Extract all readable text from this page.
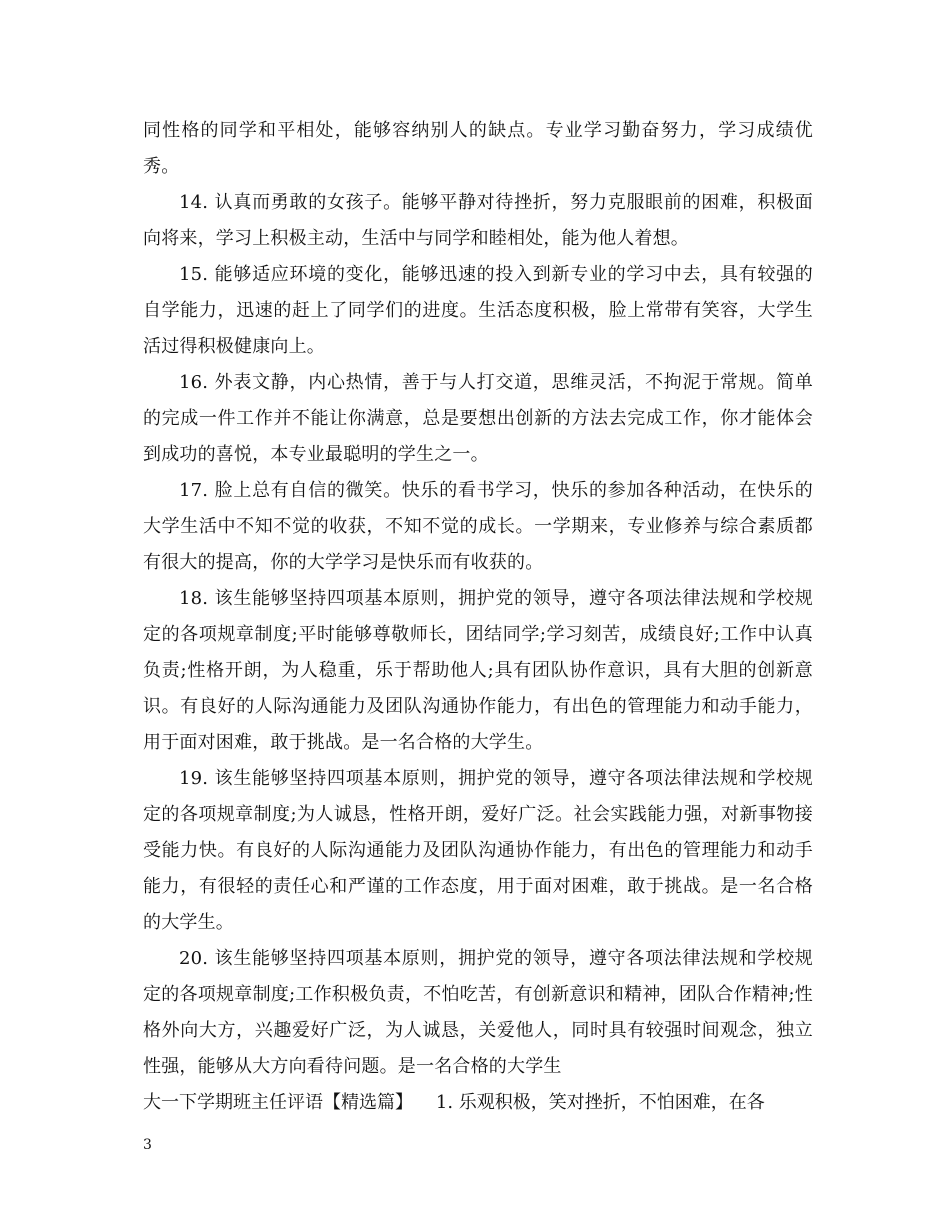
同性格的同学和平相处，能够容纳别人的缺点。专业学习勤奋努力，学习成绩优秀。

14. 认真而勇敢的女孩子。能够平静对待挫折，努力克服眼前的困难，积极面向将来，学习上积极主动，生活中与同学和睦相处，能为他人着想。

15. 能够适应环境的变化，能够迅速的投入到新专业的学习中去，具有较强的自学能力，迅速的赶上了同学们的进度。生活态度积极，脸上常带有笑容，大学生活过得积极健康向上。

16. 外表文静，内心热情，善于与人打交道，思维灵活，不拘泥于常规。简单的完成一件工作并不能让你满意，总是要想出创新的方法去完成工作，你才能体会到成功的喜悦，本专业最聪明的学生之一。

17. 脸上总有自信的微笑。快乐的看书学习，快乐的参加各种活动，在快乐的大学生活中不知不觉的收获，不知不觉的成长。一学期来，专业修养与综合素质都有很大的提高，你的大学学习是快乐而有收获的。

18. 该生能够坚持四项基本原则，拥护党的领导，遵守各项法律法规和学校规定的各项规章制度;平时能够尊敬师长，团结同学;学习刻苦，成绩良好;工作中认真负责;性格开朗，为人稳重，乐于帮助他人;具有团队协作意识，具有大胆的创新意识。有良好的人际沟通能力及团队沟通协作能力，有出色的管理能力和动手能力，用于面对困难，敢于挑战。是一名合格的大学生。

19. 该生能够坚持四项基本原则，拥护党的领导，遵守各项法律法规和学校规定的各项规章制度;为人诚恳，性格开朗，爱好广泛。社会实践能力强，对新事物接受能力快。有良好的人际沟通能力及团队沟通协作能力，有出色的管理能力和动手能力，有很轻的责任心和严谨的工作态度，用于面对困难，敢于挑战。是一名合格的大学生。

20. 该生能够坚持四项基本原则，拥护党的领导，遵守各项法律法规和学校规定的各项规章制度;工作积极负责，不怕吃苦，有创新意识和精神，团队合作精神;性格外向大方，兴趣爱好广泛，为人诚恳，关爱他人，同时具有较强时间观念，独立性强，能够从大方向看待问题。是一名合格的大学生

大一下学期班主任评语【精选篇】    1. 乐观积极，笑对挫折，不怕困难，在各

3
